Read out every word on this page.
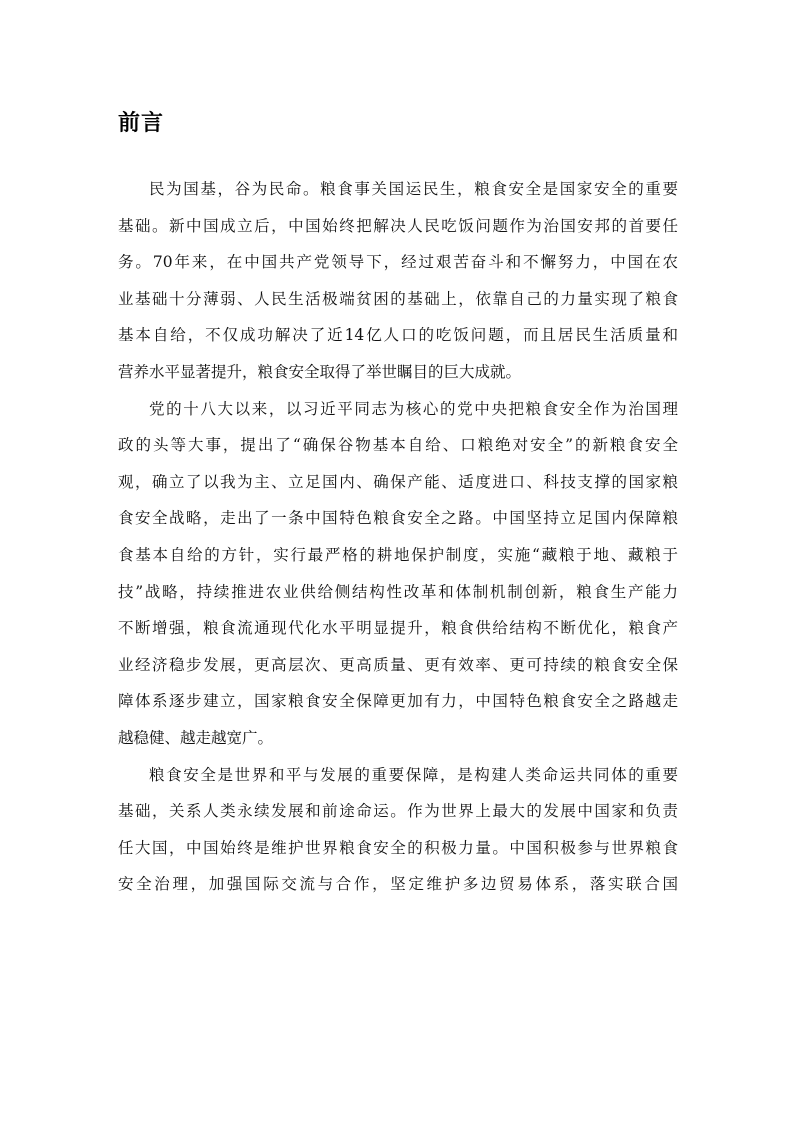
前言
民为国基，谷为民命。粮食事关国运民生，粮食安全是国家安全的重要
基础。新中国成立后，中国始终把解决人民吃饭问题作为治国安邦的首要任
务。70年来，在中国共产党领导下，经过艰苦奋斗和不懈努力，中国在农
业基础十分薄弱、人民生活极端贫困的基础上，依靠自己的力量实现了粮食
基本自给，不仅成功解决了近14亿人口的吃饭问题，而且居民生活质量和
营养水平显著提升，粮食安全取得了举世瞩目的巨大成就。
党的十八大以来，以习近平同志为核心的党中央把粮食安全作为治国理
政的头等大事，提出了“确保谷物基本自给、口粮绝对安全”的新粮食安全
观，确立了以我为主、立足国内、确保产能、适度进口、科技支撑的国家粮
食安全战略，走出了一条中国特色粮食安全之路。中国坚持立足国内保障粮
食基本自给的方针，实行最严格的耕地保护制度，实施“藏粮于地、藏粮于
技”战略，持续推进农业供给侧结构性改革和体制机制创新，粮食生产能力
不断增强，粮食流通现代化水平明显提升，粮食供给结构不断优化，粮食产
业经济稳步发展，更高层次、更高质量、更有效率、更可持续的粮食安全保
障体系逐步建立，国家粮食安全保障更加有力，中国特色粮食安全之路越走
越稳健、越走越宽广。
粮食安全是世界和平与发展的重要保障，是构建人类命运共同体的重要
基础，关系人类永续发展和前途命运。作为世界上最大的发展中国家和负责
任大国，中国始终是维护世界粮食安全的积极力量。中国积极参与世界粮食
安全治理，加强国际交流与合作，坚定维护多边贸易体系，落实联合国
